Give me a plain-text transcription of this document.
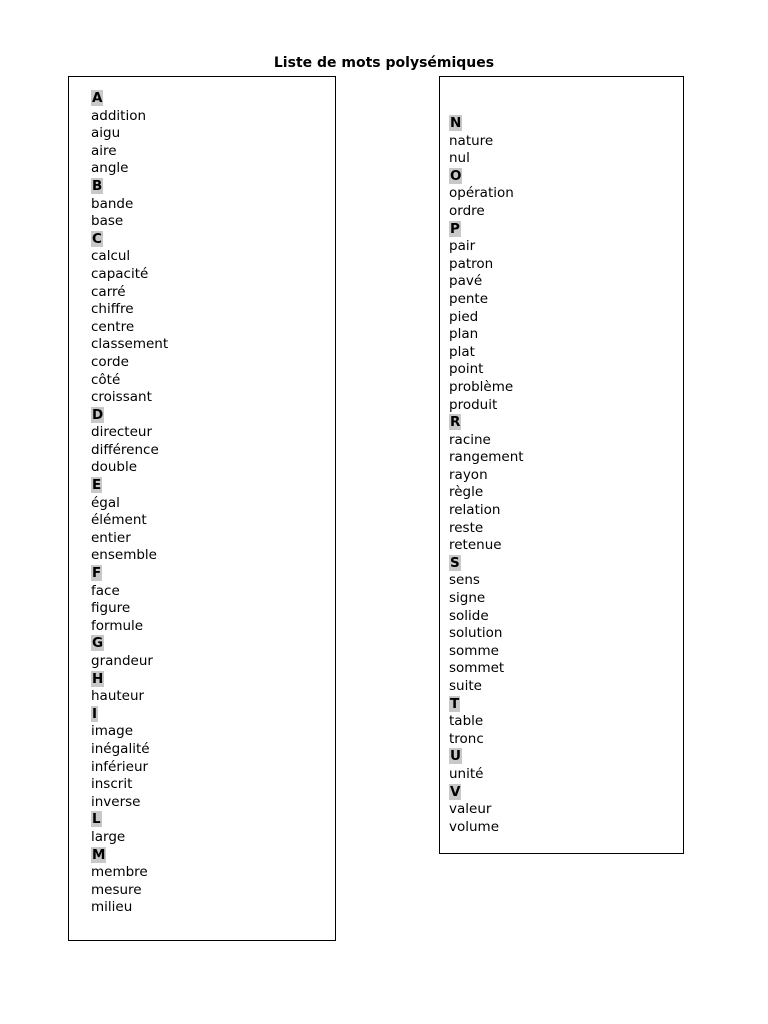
Liste de mots polysémiques
A
addition
aigu
aire
angle
B
bande
base
C
calcul
capacité
carré
chiffre
centre
classement
corde
côté
croissant
D
directeur
différence
double
E
égal
élément
entier
ensemble
F
face
figure
formule
G
grandeur
H
hauteur
I
image
inégalité
inférieur
inscrit
inverse
L
large
M
membre
mesure
milieu
N
nature
nul
O
opération
ordre
P
pair
patron
pavé
pente
pied
plan
plat
point
problème
produit
R
racine
rangement
rayon
règle
relation
reste
retenue
S
sens
signe
solide
solution
somme
sommet
suite
T
table
tronc
U
unité
V
valeur
volume
